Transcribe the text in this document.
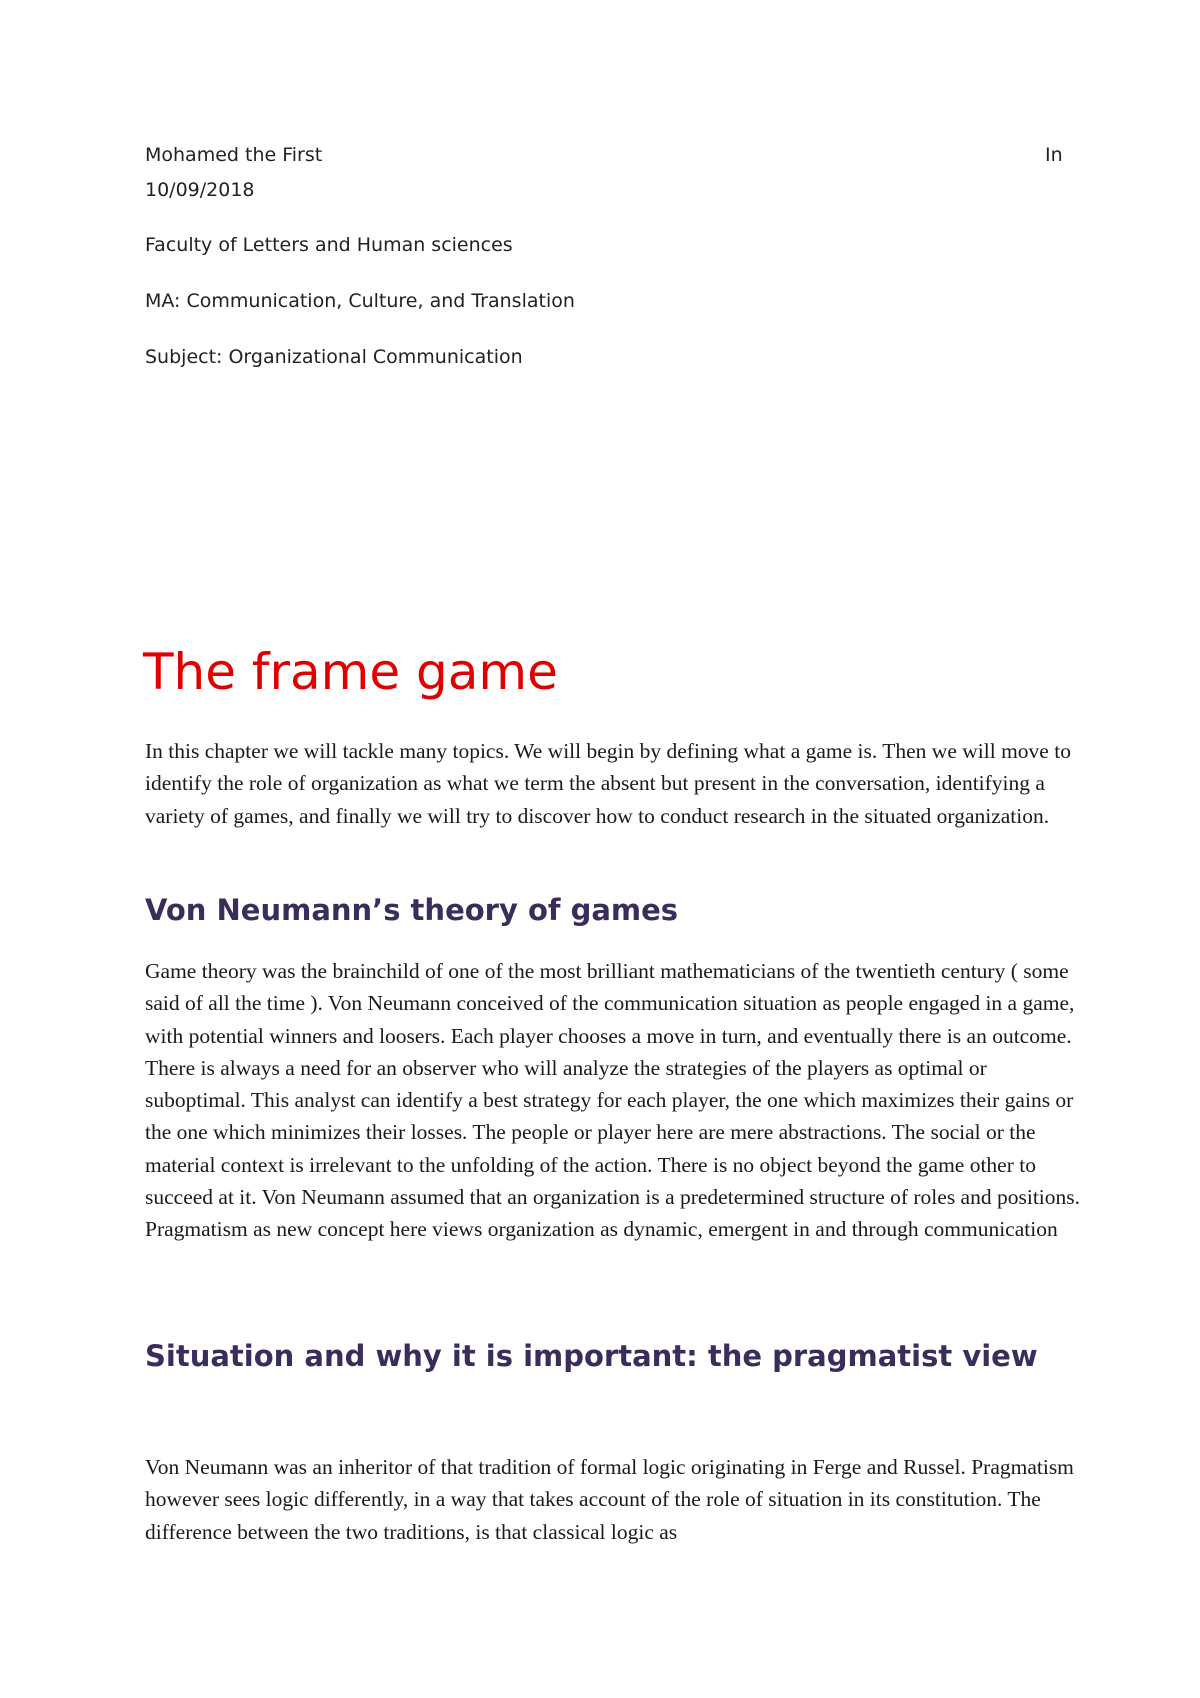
Mohamed the First	In
10/09/2018
Faculty of Letters and Human sciences
MA: Communication, Culture, and Translation
Subject: Organizational Communication
The frame game

In this chapter we will tackle many topics. We will begin by defining what a game is. Then we will move to identify the role of organization as what we term the absent but present in the conversation, identifying a variety of games, and finally we will try to discover how to conduct research in the situated organization.

Von Neumann’s theory of games

Game theory was the brainchild of one of the most brilliant mathematicians of the twentieth century ( some said of all the time ). Von Neumann conceived of the communication situation as people engaged in a game, with potential winners and loosers. Each player chooses a move in turn, and eventually there is an outcome. There is always a need for an observer who will analyze the strategies of the players as optimal or suboptimal. This analyst can identify a best strategy for each player, the one which maximizes their gains or the one which minimizes their losses. The people or player here are mere abstractions. The social or the material context is irrelevant to the unfolding of the action. There is no object beyond the game other to succeed at it. Von Neumann assumed that an organization is a predetermined structure of roles and positions. Pragmatism as new concept here views organization as dynamic, emergent in and through communication

Situation and why it is important: the pragmatist view

Von Neumann was an inheritor of that tradition of formal logic originating in Ferge and Russel. Pragmatism however sees logic differently, in a way that takes account of the role of situation in its constitution. The difference between the two traditions, is that classical logic as
